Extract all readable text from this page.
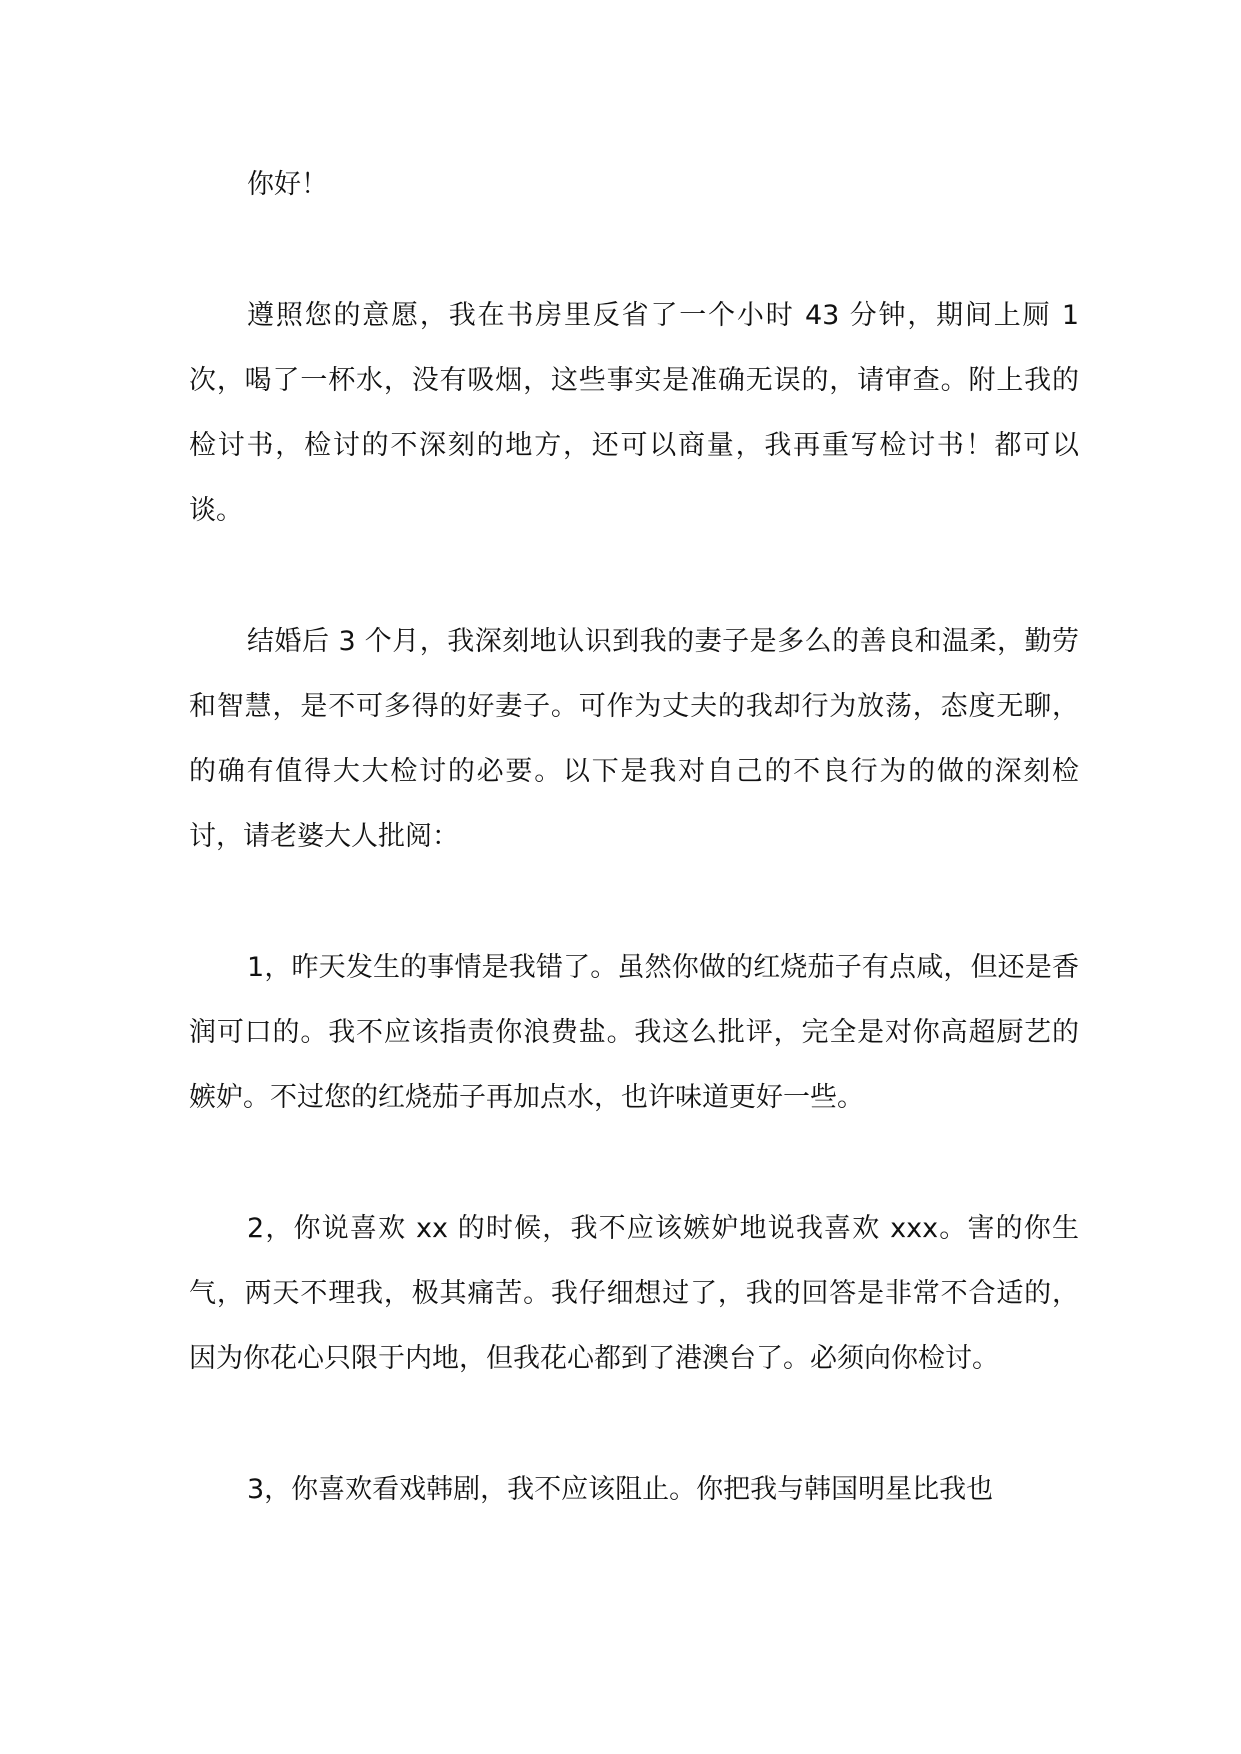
你好！

遵照您的意愿，我在书房里反省了一个小时 43 分钟，期间上厕 1 次，喝了一杯水，没有吸烟，这些事实是准确无误的，请审查。附上我的检讨书，检讨的不深刻的地方，还可以商量，我再重写检讨书！都可以谈。

结婚后 3 个月，我深刻地认识到我的妻子是多么的善良和温柔，勤劳和智慧，是不可多得的好妻子。可作为丈夫的我却行为放荡，态度无聊，的确有值得大大检讨的必要。以下是我对自己的不良行为的做的深刻检讨，请老婆大人批阅：

1，昨天发生的事情是我错了。虽然你做的红烧茄子有点咸，但还是香润可口的。我不应该指责你浪费盐。我这么批评，完全是对你高超厨艺的嫉妒。不过您的红烧茄子再加点水，也许味道更好一些。

2，你说喜欢 xx 的时候，我不应该嫉妒地说我喜欢 xxx。害的你生气，两天不理我，极其痛苦。我仔细想过了，我的回答是非常不合适的，因为你花心只限于内地，但我花心都到了港澳台了。必须向你检讨。

3，你喜欢看戏韩剧，我不应该阻止。你把我与韩国明星比我也
